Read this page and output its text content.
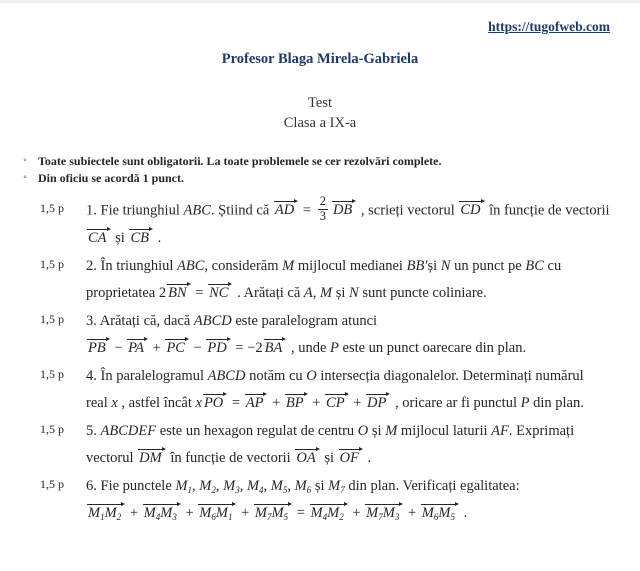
https://tugofweb.com
Profesor Blaga Mirela-Gabriela
Test
Clasa a IX-a
◦ Toate subiectele sunt obligatorii. La toate problemele se cer rezolvări complete.
◦ Din oficiu se acordă 1 punct.
1,5 p	1. Fie triunghiul ABC. Știind că AD = $\frac{2}{3}$ DB , scrieți vectorul CD în funcție de vectorii
CA și CB .
1,5 p	2. În triunghiul ABC, considerăm M mijlocul medianei BB′și N un punct pe BC cu
proprietatea 2 BN = NC . Arătați că A, M și N sunt puncte coliniare.
1,5 p	3. Arătați că, dacă ABCD este paralelogram atunci
PB − PA + PC − PD = −2 BA , unde P este un punct oarecare din plan.
1,5 p	4. În paralelogramul ABCD notăm cu O intersecția diagonalelor. Determinați numărul
real x , astfel încât x PO = AP + BP + CP + DP , oricare ar fi punctul P din plan.
1,5 p	5. ABCDEF este un hexagon regulat de centru O și M mijlocul laturii AF. Exprimați
vectorul DM în funcție de vectorii OA și OF .
1,5 p	6. Fie punctele $M_1$, $M_2$, $M_3$, $M_4$, $M_5$, $M_6$ și $M_7$ din plan. Verificați egalitatea:
$M_1M_2 + M_4M_3 + M_6M_1 + M_7M_5 = M_4M_2 + M_7M_3 + M_6M_5$ .
